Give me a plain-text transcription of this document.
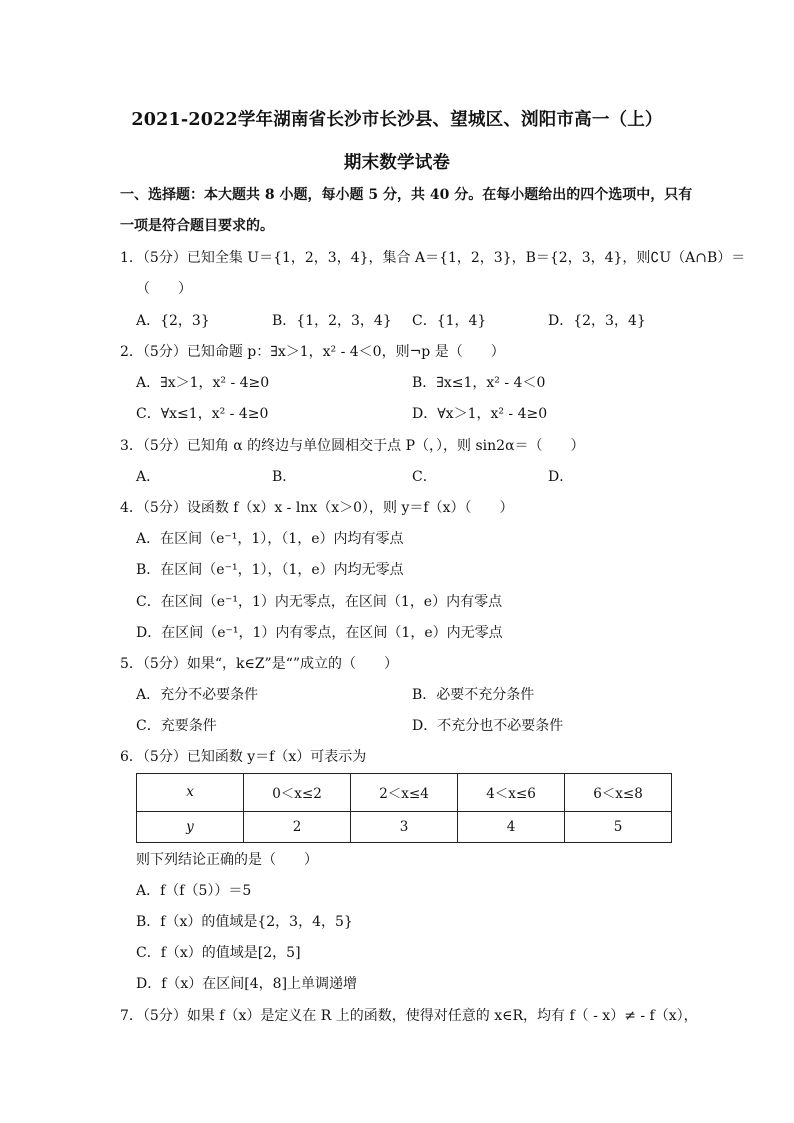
2021-2022学年湖南省长沙市长沙县、望城区、浏阳市高一（上）
期末数学试卷
一、选择题：本大题共 8 小题，每小题 5 分，共 40 分。在每小题给出的四个选项中，只有
一项是符合题目要求的。
1．（5分）已知全集 U＝{1，2，3，4}，集合 A＝{1，2，3}，B＝{2，3，4}，则∁U（A∩B）＝
（　　）
A．{2，3}	B．{1，2，3，4} C．{1，4}	D．{2，3，4}
2．（5分）已知命题 p：∃x＞1，x² - 4＜0，则¬p 是（　　）
A．∃x＞1，x² - 4≥0	B．∃x≤1，x² - 4＜0
C．∀x≤1，x² - 4≥0	D．∀x＞1，x² - 4≥0
3．（5分）已知角 α 的终边与单位圆相交于点 P（，），则 sin2α＝（　　）
A．	B．	C．	D．
4．（5分）设函数 f（x）x - lnx（x＞0），则 y＝f（x）（　　）
A．在区间（e⁻¹，1），（1，e）内均有零点
B．在区间（e⁻¹，1），（1，e）内均无零点
C．在区间（e⁻¹，1）内无零点，在区间（1，e）内有零点
D．在区间（e⁻¹，1）内有零点，在区间（1，e）内无零点
5．（5分）如果“，k∈Z”是“”成立的（　　）
A．充分不必要条件	B．必要不充分条件
C．充要条件	D．不充分也不必要条件
6．（5分）已知函数 y＝f（x）可表示为
x	0＜x≤2	2＜x≤4	4＜x≤6	6＜x≤8
y	2	3	4	5
则下列结论正确的是（　　）
A．f（f（5））＝5
B．f（x）的值域是{2，3，4，5}
C．f（x）的值域是[2，5]
D．f（x）在区间[4，8]上单调递增
7．（5分）如果 f（x）是定义在 R 上的函数，使得对任意的 x∈R，均有 f（ - x）≠ - f（x），
